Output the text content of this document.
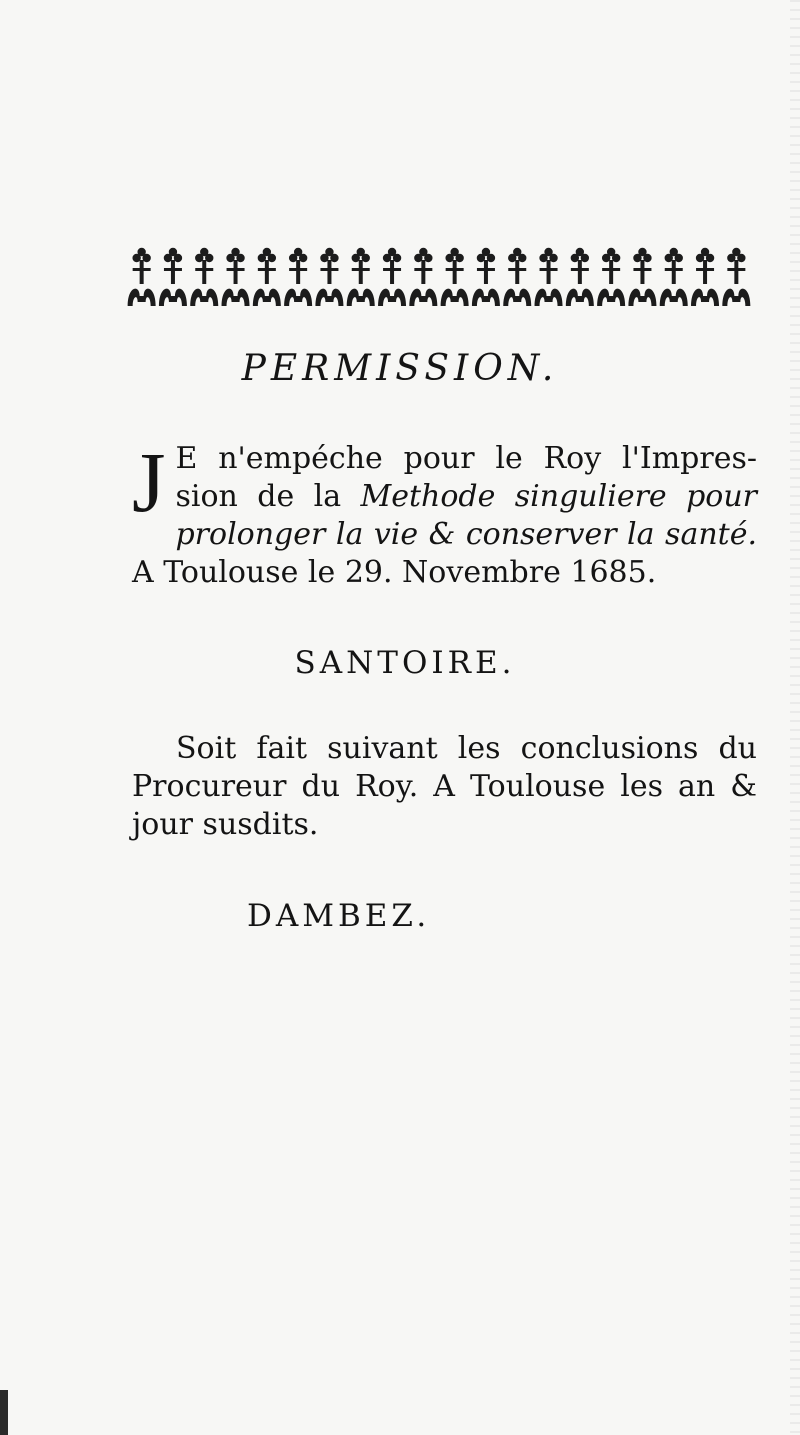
PERMISSION.
J E n'empéche pour le Roy l'Impres-sion de la Methode singuliere pour prolonger la vie & conserver la santé. A Toulouse le 29. Novembre 1685.
SANTOIRE.
Soit fait suivant les conclusions du Procureur du Roy. A Toulouse les an & jour susdits.
DAMBEZ.
